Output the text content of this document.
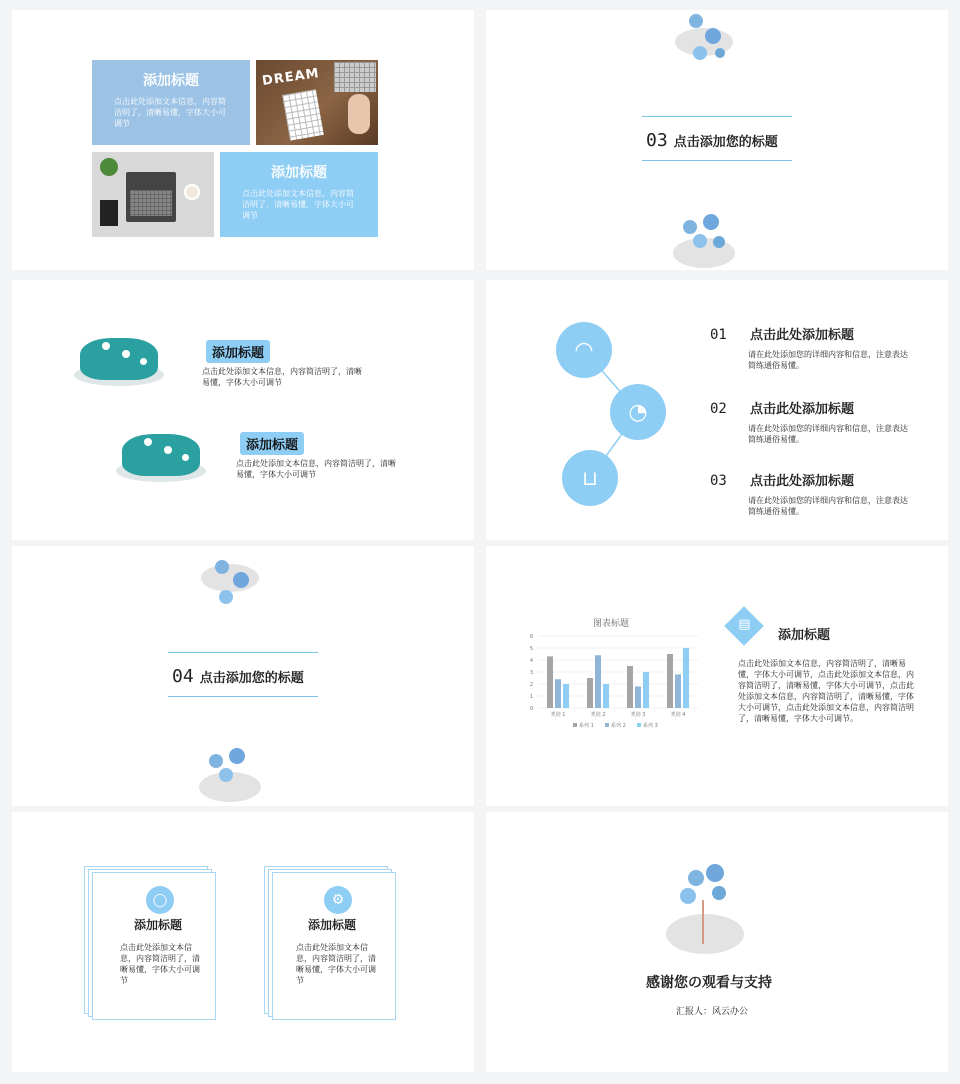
添加标题
点击此处添加文本信息，内容简洁明了，清晰易懂，字体大小可调节
DREAM
添加标题
点击此处添加文本信息，内容简洁明了，清晰易懂，字体大小可调节
03 点击添加您的标题
添加标题
点击此处添加文本信息，内容简洁明了，清晰易懂，字体大小可调节
添加标题
点击此处添加文本信息，内容简洁明了，清晰易懂，字体大小可调节
◠
◔
⊔
01 点击此处添加标题
请在此处添加您的详细内容和信息，注意表达简练通俗易懂。
02 点击此处添加标题
请在此处添加您的详细内容和信息，注意表达简练通俗易懂。
03 点击此处添加标题
请在此处添加您的详细内容和信息，注意表达简练通俗易懂。
04 点击添加您的标题
图表标题
0
1
2
3
4
5
6
类别 1	类别 2	类别 3	类别 4
系列 1	系列 2	系列 3
▤
添加标题
点击此处添加文本信息，内容简洁明了，清晰易懂，字体大小可调节，点击此处添加文本信息，内容简洁明了，清晰易懂，字体大小可调节，点击此处添加文本信息，内容简洁明了，清晰易懂，字体大小可调节，点击此处添加文本信息，内容简洁明了，清晰易懂，字体大小可调节。
◯
添加标题
点击此处添加文本信息，内容简洁明了，清晰易懂，字体大小可调节
⚙
添加标题
点击此处添加文本信息，内容简洁明了，清晰易懂，字体大小可调节	感谢您の观看与支持
汇报人：风云办公
